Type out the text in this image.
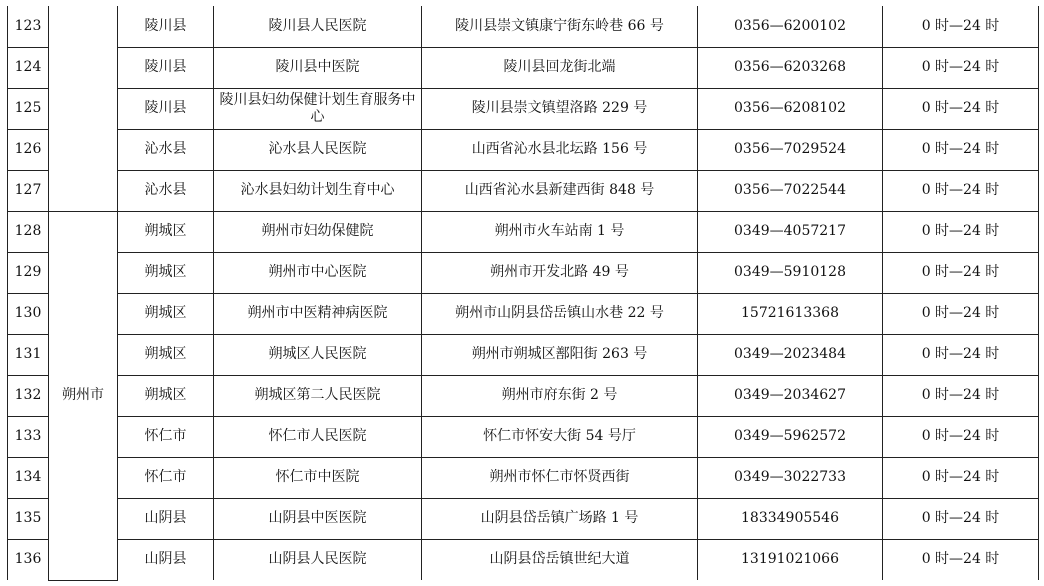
123		陵川县	陵川县人民医院	陵川县崇文镇康宁街东岭巷 66 号	0356—6200102	0 时—24 时
124		陵川县	陵川县中医院	陵川县回龙街北端	0356—6203268	0 时—24 时
125		陵川县	陵川县妇幼保健计划生育服务中心	陵川县崇文镇望洛路 229 号	0356—6208102	0 时—24 时
126		沁水县	沁水县人民医院	山西省沁水县北坛路 156 号	0356—7029524	0 时—24 时
127		沁水县	沁水县妇幼计划生育中心	山西省沁水县新建西街 848 号	0356—7022544	0 时—24 时
128	朔州市	朔城区	朔州市妇幼保健院	朔州市火车站南 1 号	0349—4057217	0 时—24 时
129		朔城区	朔州市中心医院	朔州市开发北路 49 号	0349—5910128	0 时—24 时
130		朔城区	朔州市中医精神病医院	朔州市山阴县岱岳镇山水巷 22 号	15721613368	0 时—24 时
131		朔城区	朔城区人民医院	朔州市朔城区鄯阳街 263 号	0349—2023484	0 时—24 时
132		朔城区	朔城区第二人民医院	朔州市府东街 2 号	0349—2034627	0 时—24 时
133		怀仁市	怀仁市人民医院	怀仁市怀安大街 54 号厅	0349—5962572	0 时—24 时
134		怀仁市	怀仁市中医院	朔州市怀仁市怀贤西街	0349—3022733	0 时—24 时
135		山阴县	山阴县中医医院	山阴县岱岳镇广场路 1 号	18334905546	0 时—24 时
136		山阴县	山阴县人民医院	山阴县岱岳镇世纪大道	13191021066	0 时—24 时
